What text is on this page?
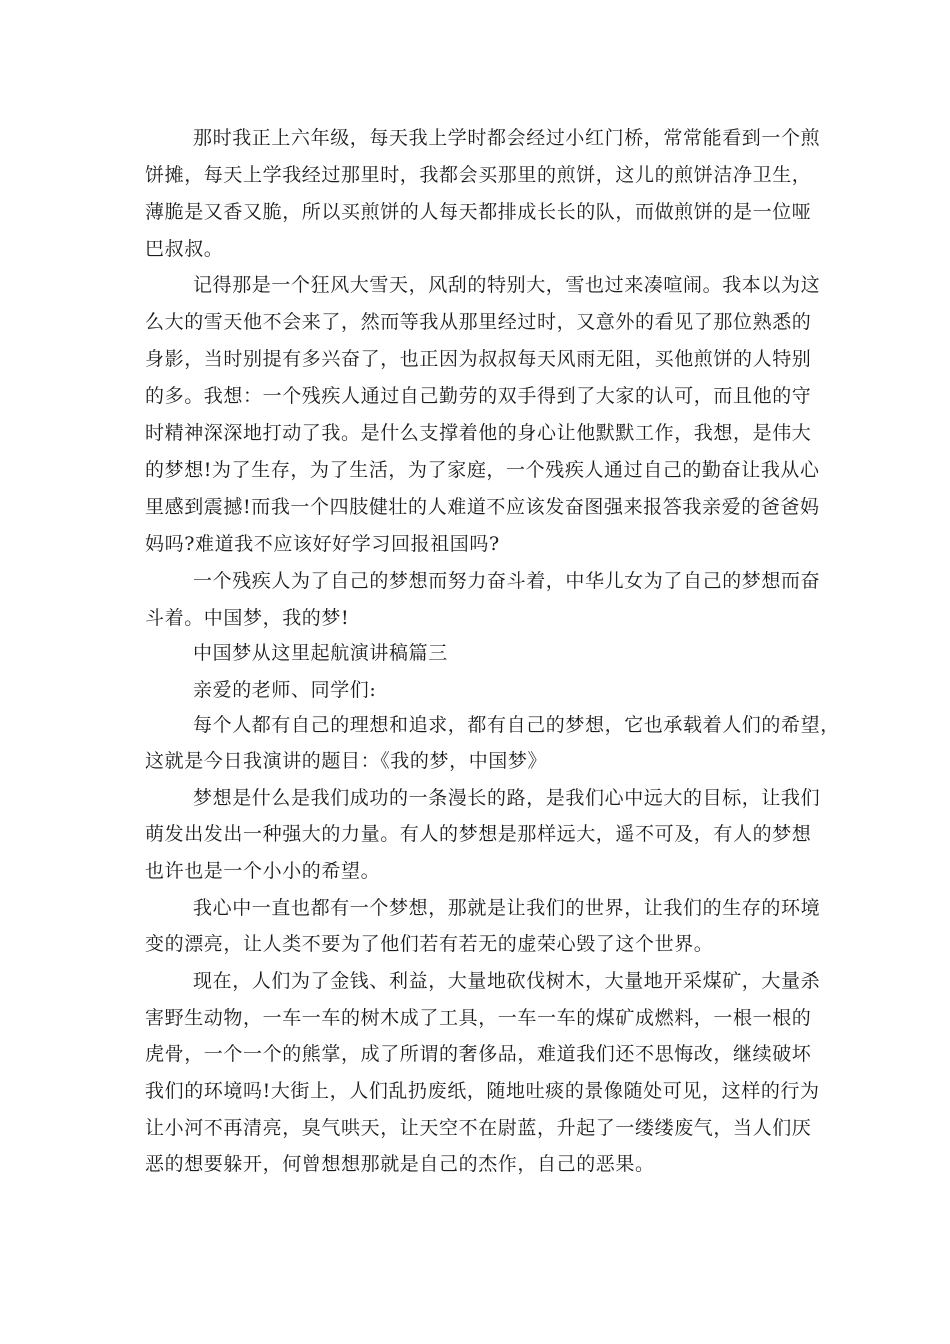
那时我正上六年级，每天我上学时都会经过小红门桥，常常能看到一个煎
饼摊，每天上学我经过那里时，我都会买那里的煎饼，这儿的煎饼洁净卫生，
薄脆是又香又脆，所以买煎饼的人每天都排成长长的队，而做煎饼的是一位哑
巴叔叔。
记得那是一个狂风大雪天，风刮的特别大，雪也过来凑喧闹。我本以为这
么大的雪天他不会来了，然而等我从那里经过时，又意外的看见了那位熟悉的
身影，当时别提有多兴奋了，也正因为叔叔每天风雨无阻，买他煎饼的人特别
的多。我想：一个残疾人通过自己勤劳的双手得到了大家的认可，而且他的守
时精神深深地打动了我。是什么支撑着他的身心让他默默工作，我想，是伟大
的梦想!为了生存，为了生活，为了家庭，一个残疾人通过自己的勤奋让我从心
里感到震撼!而我一个四肢健壮的人难道不应该发奋图强来报答我亲爱的爸爸妈
妈吗?难道我不应该好好学习回报祖国吗?
一个残疾人为了自己的梦想而努力奋斗着，中华儿女为了自己的梦想而奋
斗着。中国梦，我的梦!
中国梦从这里起航演讲稿篇三
亲爱的老师、同学们:
每个人都有自己的理想和追求，都有自己的梦想，它也承载着人们的希望，
这就是今日我演讲的题目：《我的梦，中国梦》
梦想是什么是我们成功的一条漫长的路，是我们心中远大的目标，让我们
萌发出发出一种强大的力量。有人的梦想是那样远大，遥不可及，有人的梦想
也许也是一个小小的希望。
我心中一直也都有一个梦想，那就是让我们的世界，让我们的生存的环境
变的漂亮，让人类不要为了他们若有若无的虚荣心毁了这个世界。
现在，人们为了金钱、利益，大量地砍伐树木，大量地开采煤矿，大量杀
害野生动物，一车一车的树木成了工具，一车一车的煤矿成燃料，一根一根的
虎骨，一个一个的熊掌，成了所谓的奢侈品，难道我们还不思悔改，继续破坏
我们的环境吗!大街上，人们乱扔废纸，随地吐痰的景像随处可见，这样的行为
让小河不再清亮，臭气哄天，让天空不在尉蓝，升起了一缕缕废气，当人们厌
恶的想要躲开，何曾想想那就是自己的杰作，自己的恶果。
